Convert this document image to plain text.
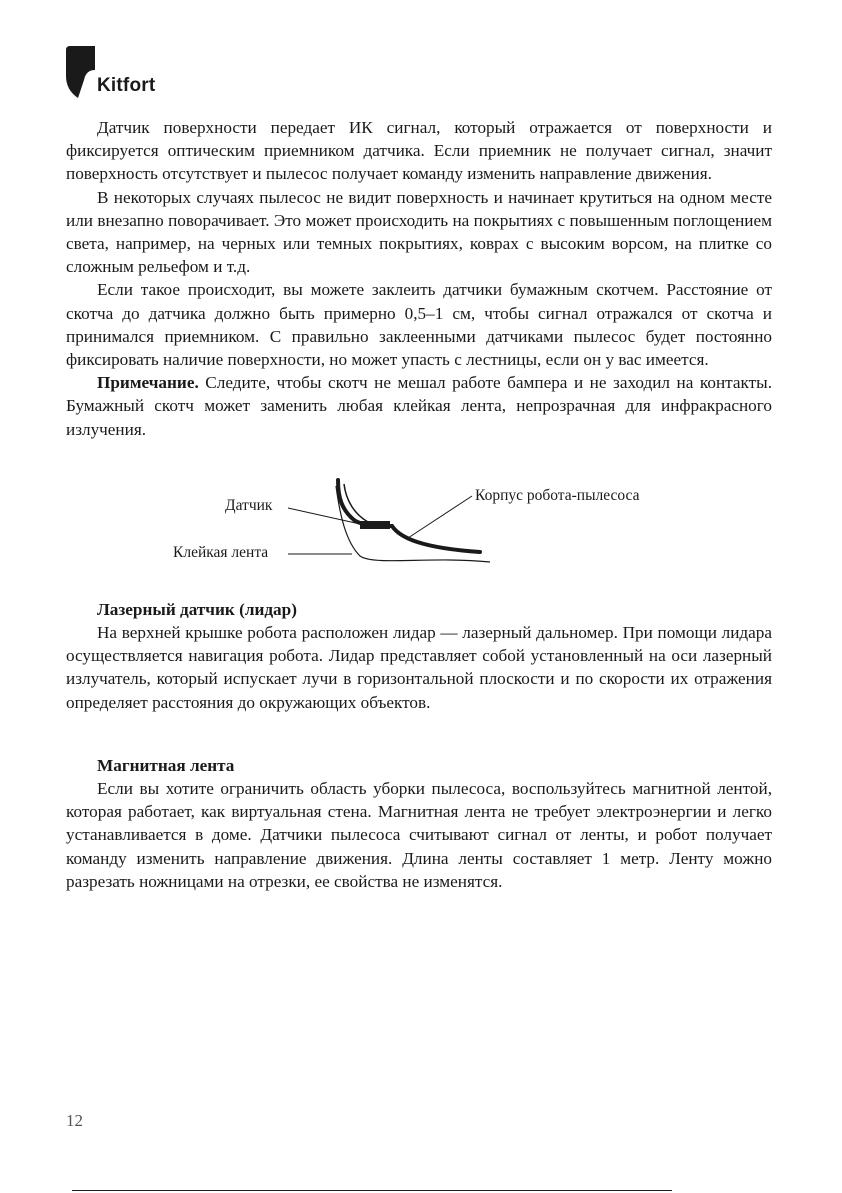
Kitfort

Датчик поверхности передает ИК сигнал, который отражается от поверхности и фиксируется оптическим приемником датчика. Если приемник не получает сигнал, значит поверхность отсутствует и пылесос получает команду изменить направление движения.

В некоторых случаях пылесос не видит поверхность и начинает крутиться на одном месте или внезапно поворачивает. Это может происходить на покрытиях с повышенным поглощением света, например, на черных или темных покрытиях, коврах с высоким ворсом, на плитке со сложным рельефом и т.д.

Если такое происходит, вы можете заклеить датчики бумажным скотчем. Расстояние от скотча до датчика должно быть примерно 0,5–1 см, чтобы сигнал отражался от скотча и принимался приемником. С правильно заклеенными датчиками пылесос будет постоянно фиксировать наличие поверхности, но может упасть с лестницы, если он у вас имеется.

Примечание. Следите, чтобы скотч не мешал работе бампера и не заходил на контакты. Бумажный скотч может заменить любая клейкая лента, непрозрачная для инфракрасного излучения.

Датчик
Клейкая лента
Корпус робота-пылесоса
Лазерный датчик (лидар)

На верхней крышке робота расположен лидар — лазерный дальномер. При помощи лидара осуществляется навигация робота. Лидар представляет собой установленный на оси лазерный излучатель, который испускает лучи в горизонтальной плоскости и по скорости их отражения определяет расстояния до окружающих объектов.

Магнитная лента

Если вы хотите ограничить область уборки пылесоса, воспользуйтесь магнитной лентой, которая работает, как виртуальная стена. Магнитная лента не требует электроэнергии и легко устанавливается в доме. Датчики пылесоса считывают сигнал от ленты, и робот получает команду изменить направление движения. Длина ленты составляет 1 метр. Ленту можно разрезать ножницами на отрезки, ее свойства не изменятся.

12
